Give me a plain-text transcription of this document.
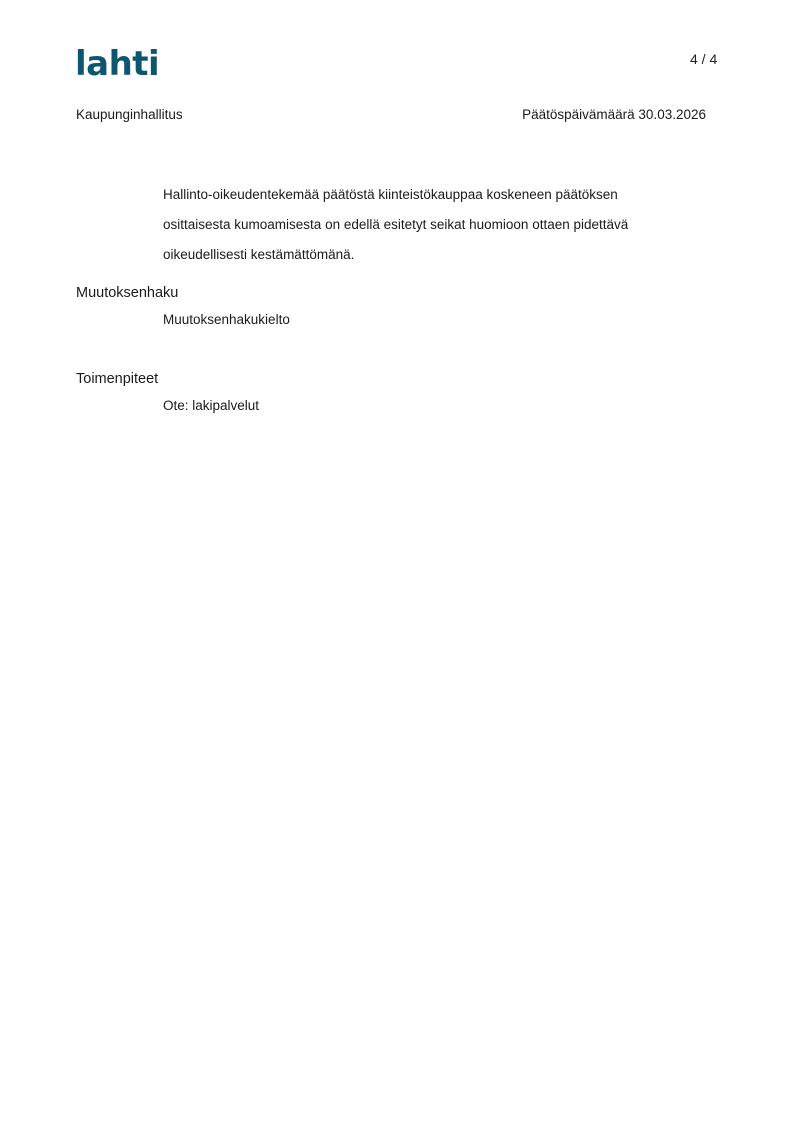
lahti	4 / 4
Kaupunginhallitus	Päätöspäivämäärä 30.03.2026

Hallinto-oikeudentekemää päätöstä kiinteistökauppaa koskeneen päätöksen
osittaisesta kumoamisesta on edellä esitetyt seikat huomioon ottaen pidettävä
oikeudellisesti kestämättömänä.

Muutoksenhaku
Muutoksenhakukielto
Toimenpiteet
Ote: lakipalvelut
